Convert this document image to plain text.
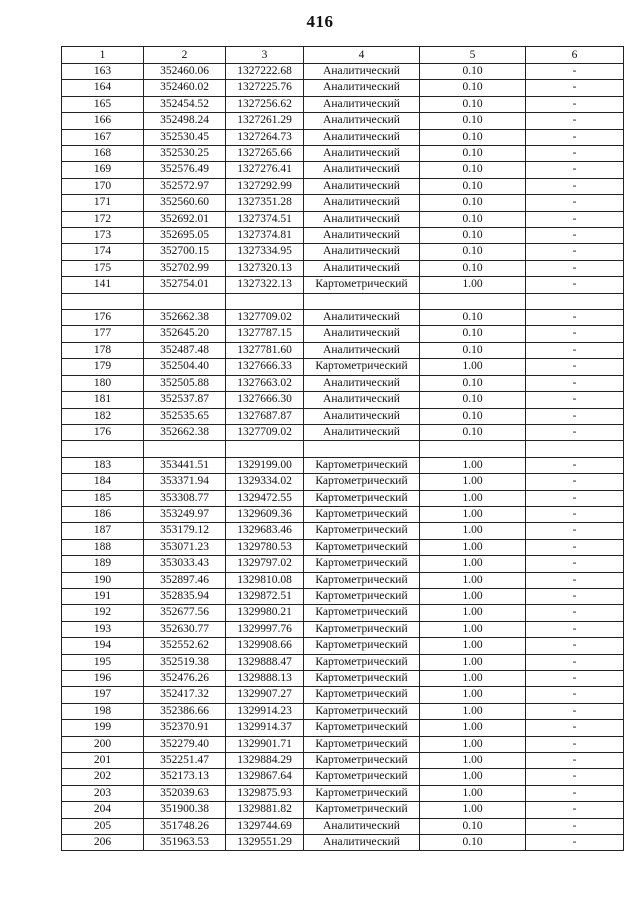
416
1	2	3	4	5	6
163	352460.06	1327222.68	Аналитический	0.10	-
164	352460.02	1327225.76	Аналитический	0.10	-
165	352454.52	1327256.62	Аналитический	0.10	-
166	352498.24	1327261.29	Аналитический	0.10	-
167	352530.45	1327264.73	Аналитический	0.10	-
168	352530.25	1327265.66	Аналитический	0.10	-
169	352576.49	1327276.41	Аналитический	0.10	-
170	352572.97	1327292.99	Аналитический	0.10	-
171	352560.60	1327351.28	Аналитический	0.10	-
172	352692.01	1327374.51	Аналитический	0.10	-
173	352695.05	1327374.81	Аналитический	0.10	-
174	352700.15	1327334.95	Аналитический	0.10	-
175	352702.99	1327320.13	Аналитический	0.10	-
141	352754.01	1327322.13	Картометрический	1.00	-

176	352662.38	1327709.02	Аналитический	0.10	-
177	352645.20	1327787.15	Аналитический	0.10	-
178	352487.48	1327781.60	Аналитический	0.10	-
179	352504.40	1327666.33	Картометрический	1.00	-
180	352505.88	1327663.02	Аналитический	0.10	-
181	352537.87	1327666.30	Аналитический	0.10	-
182	352535.65	1327687.87	Аналитический	0.10	-
176	352662.38	1327709.02	Аналитический	0.10	-

183	353441.51	1329199.00	Картометрический	1.00	-
184	353371.94	1329334.02	Картометрический	1.00	-
185	353308.77	1329472.55	Картометрический	1.00	-
186	353249.97	1329609.36	Картометрический	1.00	-
187	353179.12	1329683.46	Картометрический	1.00	-
188	353071.23	1329780.53	Картометрический	1.00	-
189	353033.43	1329797.02	Картометрический	1.00	-
190	352897.46	1329810.08	Картометрический	1.00	-
191	352835.94	1329872.51	Картометрический	1.00	-
192	352677.56	1329980.21	Картометрический	1.00	-
193	352630.77	1329997.76	Картометрический	1.00	-
194	352552.62	1329908.66	Картометрический	1.00	-
195	352519.38	1329888.47	Картометрический	1.00	-
196	352476.26	1329888.13	Картометрический	1.00	-
197	352417.32	1329907.27	Картометрический	1.00	-
198	352386.66	1329914.23	Картометрический	1.00	-
199	352370.91	1329914.37	Картометрический	1.00	-
200	352279.40	1329901.71	Картометрический	1.00	-
201	352251.47	1329884.29	Картометрический	1.00	-
202	352173.13	1329867.64	Картометрический	1.00	-
203	352039.63	1329875.93	Картометрический	1.00	-
204	351900.38	1329881.82	Картометрический	1.00	-
205	351748.26	1329744.69	Аналитический	0.10	-
206	351963.53	1329551.29	Аналитический	0.10	-
